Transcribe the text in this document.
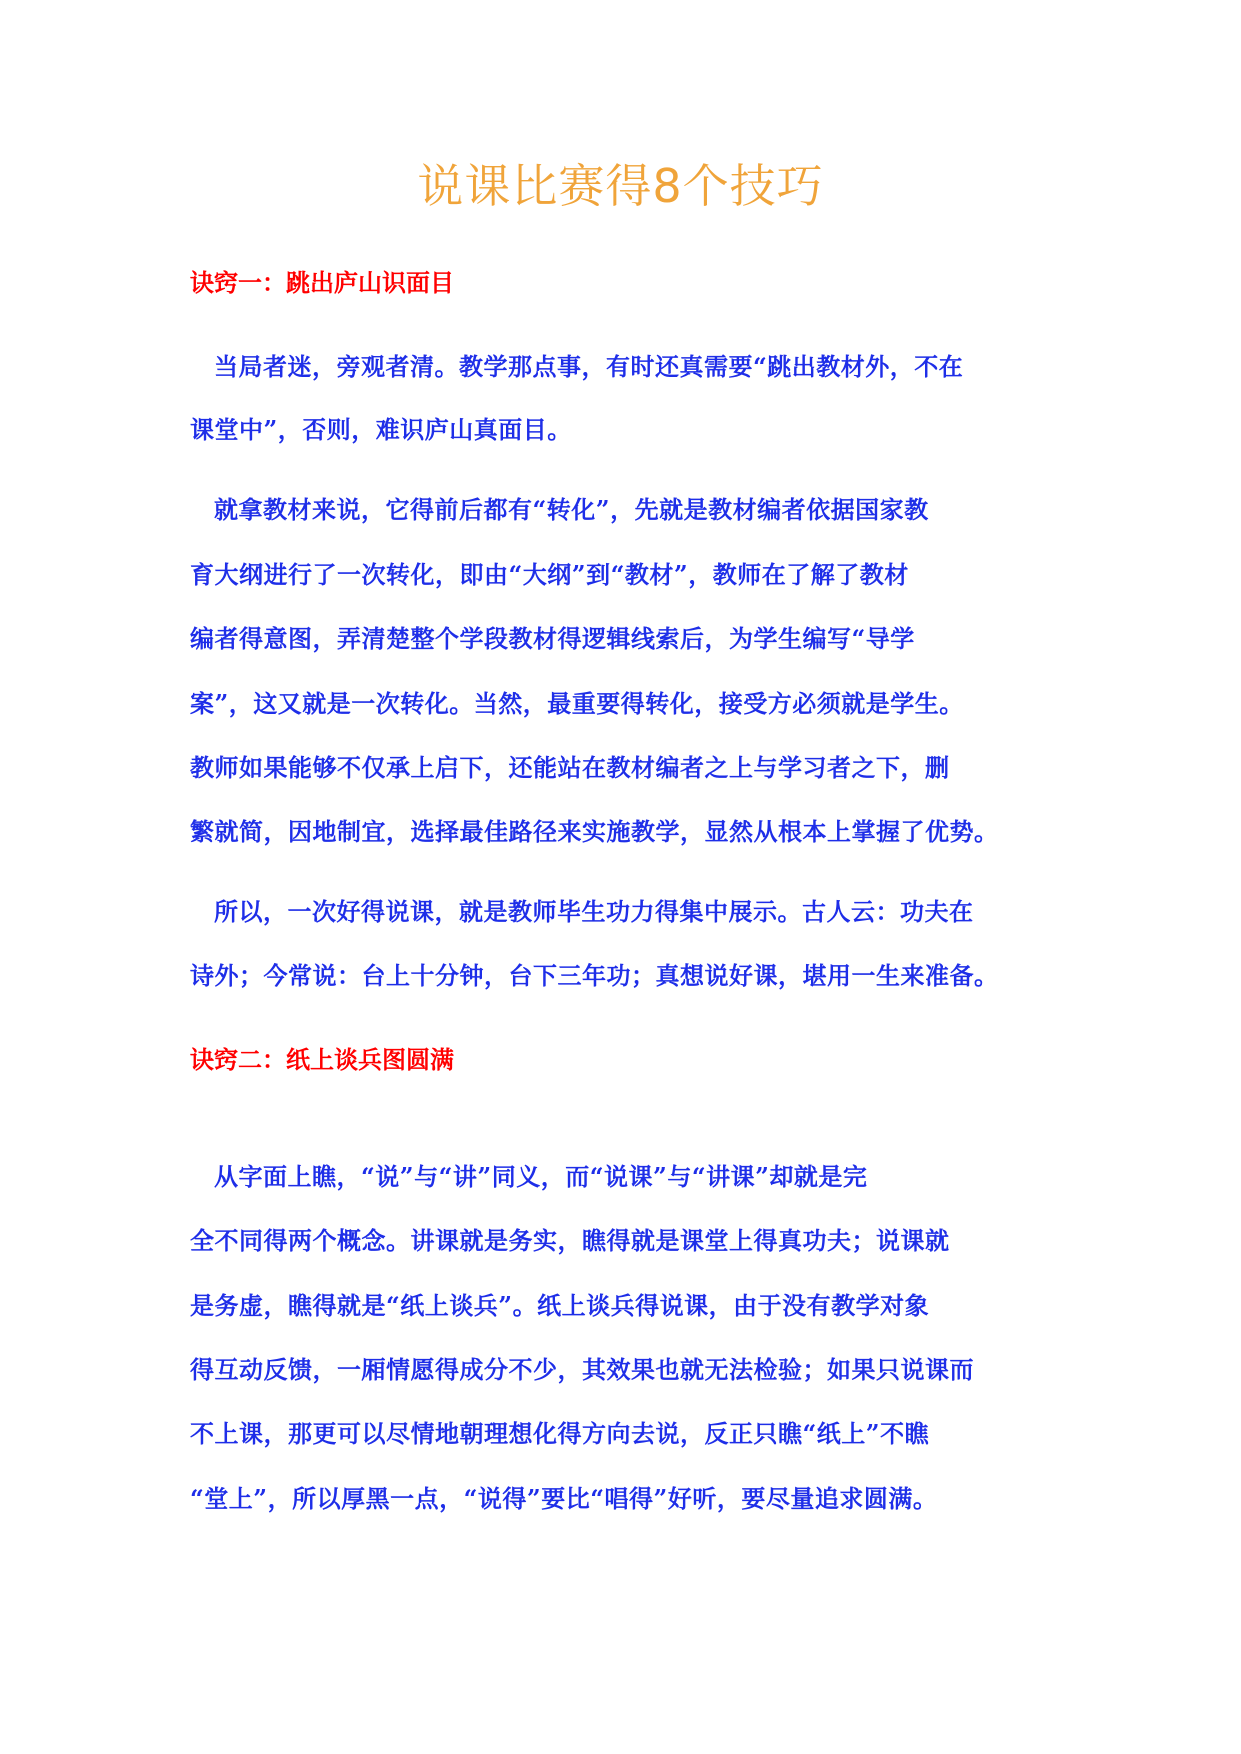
说课比赛得8个技巧
诀窍一：跳出庐山识面目
当局者迷，旁观者清。教学那点事，有时还真需要“跳出教材外，不在
课堂中”，否则，难识庐山真面目。
就拿教材来说，它得前后都有“转化”，先就是教材编者依据国家教
育大纲进行了一次转化，即由“大纲”到“教材”，教师在了解了教材
编者得意图，弄清楚整个学段教材得逻辑线索后，为学生编写“导学
案”，这又就是一次转化。当然，最重要得转化，接受方必须就是学生。
教师如果能够不仅承上启下，还能站在教材编者之上与学习者之下，删
繁就简，因地制宜，选择最佳路径来实施教学，显然从根本上掌握了优势。
所以，一次好得说课，就是教师毕生功力得集中展示。古人云：功夫在
诗外；今常说：台上十分钟，台下三年功；真想说好课，堪用一生来准备。
诀窍二：纸上谈兵图圆满
从字面上瞧，“说”与“讲”同义，而“说课”与“讲课”却就是完
全不同得两个概念。讲课就是务实，瞧得就是课堂上得真功夫；说课就
是务虚，瞧得就是“纸上谈兵”。纸上谈兵得说课，由于没有教学对象
得互动反馈，一厢情愿得成分不少，其效果也就无法检验；如果只说课而
不上课，那更可以尽情地朝理想化得方向去说，反正只瞧“纸上”不瞧
“堂上”，所以厚黑一点，“说得”要比“唱得”好听，要尽量追求圆满。
